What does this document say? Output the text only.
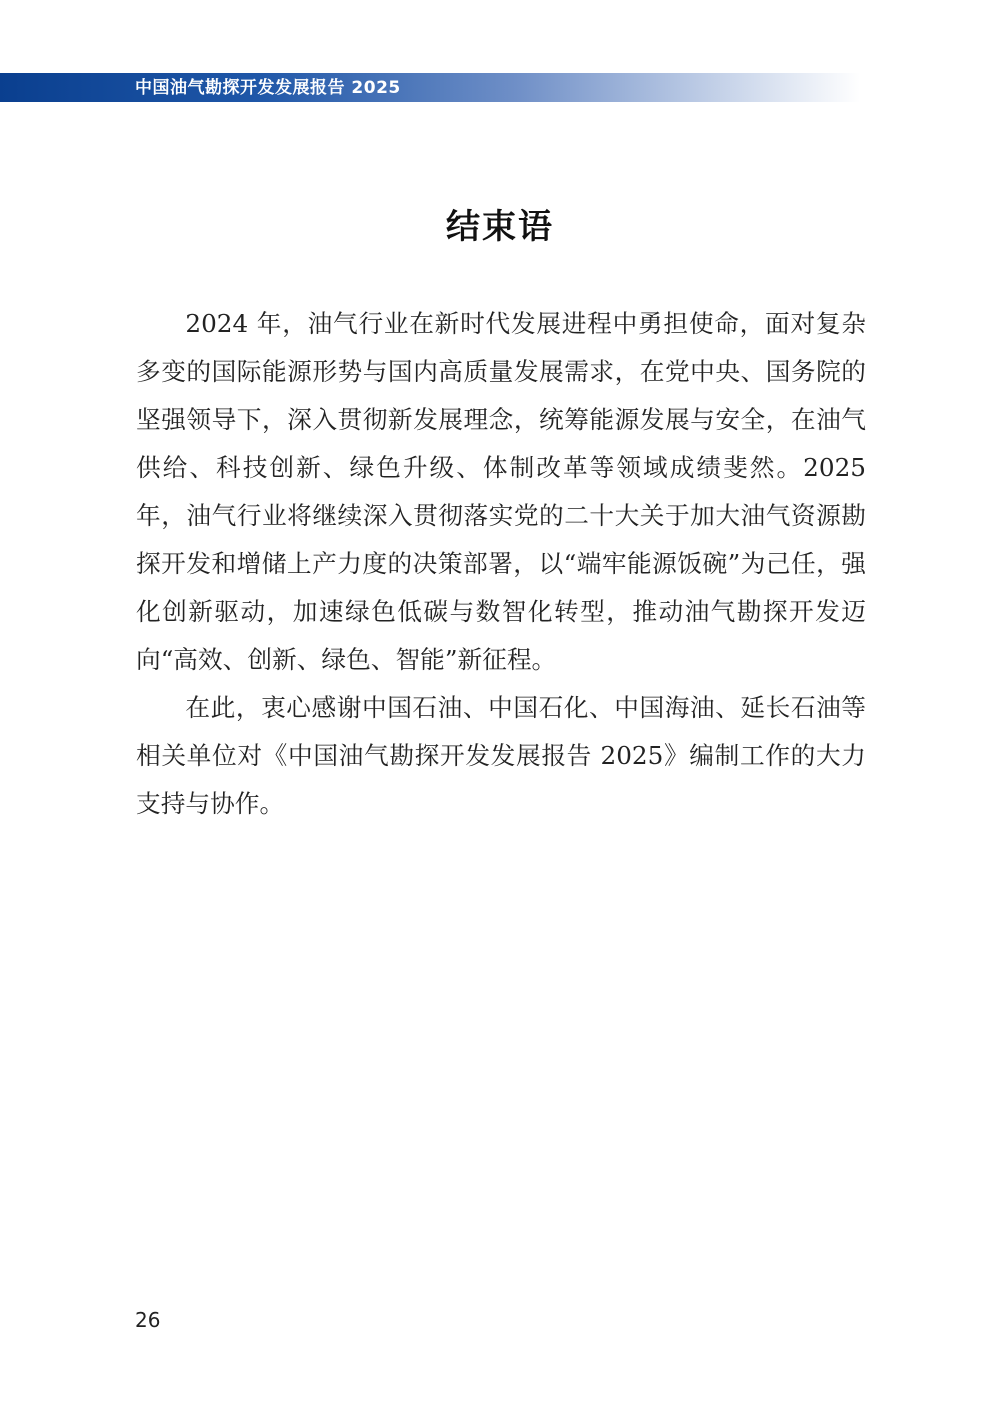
中国油气勘探开发发展报告 2025
结束语

2024 年，油气行业在新时代发展进程中勇担使命，面对复杂多变的国际能源形势与国内高质量发展需求，在党中央、国务院的坚强领导下，深入贯彻新发展理念，统筹能源发展与安全，在油气供给、科技创新、绿色升级、体制改革等领域成绩斐然。2025 年，油气行业将继续深入贯彻落实党的二十大关于加大油气资源勘探开发和增储上产力度的决策部署，以“端牢能源饭碗”为己任，强化创新驱动，加速绿色低碳与数智化转型，推动油气勘探开发迈向“高效、创新、绿色、智能”新征程。

在此，衷心感谢中国石油、中国石化、中国海油、延长石油等相关单位对《中国油气勘探开发发展报告 2025》编制工作的大力支持与协作。

26
